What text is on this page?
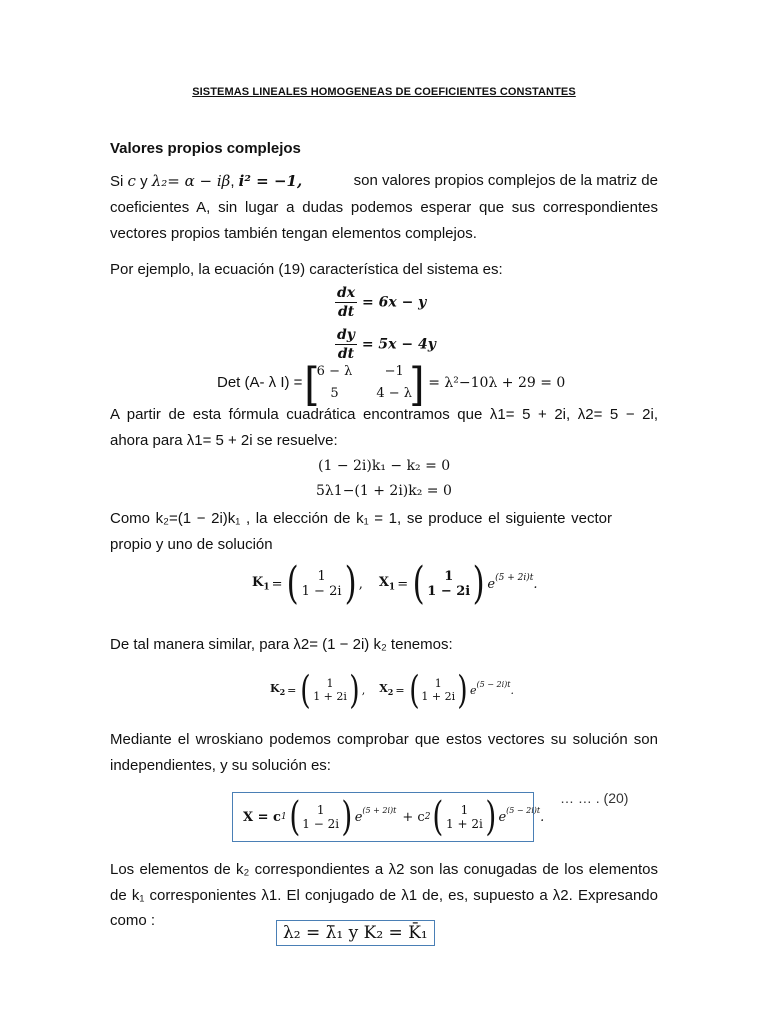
SISTEMAS LINEALES HOMOGENEAS DE COEFICIENTES CONSTANTES
Valores propios complejos
Si c y λ₂= α − iβ, i² = −1,	son valores propios complejos de la matriz de
coeficientes A, sin lugar a dudas podemos esperar que sus correspondientes
vectores propios también tengan elementos complejos.
Por ejemplo, la ecuación (19) característica del sistema es:
$\frac{dx}{dt} = 6x - y$
$\frac{dy}{dt} = 5x - 4y$
Det (A- λ I) = [ 6 − λ	−1
5	4 − λ ] = λ²−10λ + 29 = 0
A partir de esta fórmula cuadrática encontramos que λ1= 5 + 2i, λ2= 5 − 2i,
ahora para λ1= 5 + 2i se resuelve:
(1 − 2i)k₁ − k₂ = 0
5λ1−(1 + 2i)k₂ = 0
Como k₂=(1 − 2i)k₁ , la elección de k₁ = 1, se produce el siguiente vector
propio y uno de solución
$K_1$ = (	1
1 − 2i ) , $X_1$ = (	1
1 − 2i ) $e^{(5 + 2i)t}$.
De tal manera similar, para λ2= (1 − 2i) k₂ tenemos:
$K_2$ = (	1
1 + 2i ) , $X_2$ = (	1
1 + 2i ) $e^{(5 - 2i)t}$.
Mediante el wroskiano podemos comprobar que estos vectores su solución son
independientes, y su solución es:
… … . (20)
X = c 1 (	1
1 − 2i ) $e^{(5 + 2i)t} + c$ 2 (	1
1 + 2i ) $e^{(5 - 2i)t}$.
Los elementos de k₂ correspondientes a λ2 son las conugadas de los elementos
de k₁ corresponientes λ1. El conjugado de λ1 de, es, supuesto a λ2. Expresando
como :
λ₂ = λ̄₁ y K₂ = K̄₁
